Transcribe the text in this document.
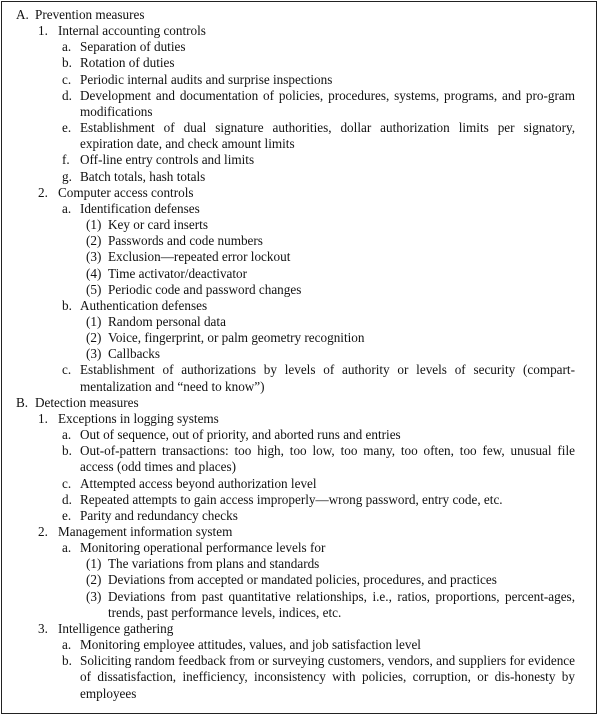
A. Prevention measures
1. Internal accounting controls
a. Separation of duties
b. Rotation of duties
c. Periodic internal audits and surprise inspections
d. Development and documentation of policies, procedures, systems, programs, and pro-gram modifications
e. Establishment of dual signature authorities, dollar authorization limits per signatory, expiration date, and check amount limits
f. Off-line entry controls and limits
g. Batch totals, hash totals
2. Computer access controls
a. Identification defenses
(1) Key or card inserts
(2) Passwords and code numbers
(3) Exclusion—repeated error lockout
(4) Time activator/deactivator
(5) Periodic code and password changes
b. Authentication defenses
(1) Random personal data
(2) Voice, fingerprint, or palm geometry recognition
(3) Callbacks
c. Establishment of authorizations by levels of authority or levels of security (compart-mentalization and “need to know”)
B. Detection measures
1. Exceptions in logging systems
a. Out of sequence, out of priority, and aborted runs and entries
b. Out-of-pattern transactions: too high, too low, too many, too often, too few, unusual file access (odd times and places)
c. Attempted access beyond authorization level
d. Repeated attempts to gain access improperly—wrong password, entry code, etc.
e. Parity and redundancy checks
2. Management information system
a. Monitoring operational performance levels for
(1) The variations from plans and standards
(2) Deviations from accepted or mandated policies, procedures, and practices
(3) Deviations from past quantitative relationships, i.e., ratios, proportions, percent-ages, trends, past performance levels, indices, etc.
3. Intelligence gathering
a. Monitoring employee attitudes, values, and job satisfaction level
b. Soliciting random feedback from or surveying customers, vendors, and suppliers for evidence of dissatisfaction, inefficiency, inconsistency with policies, corruption, or dis-honesty by employees
